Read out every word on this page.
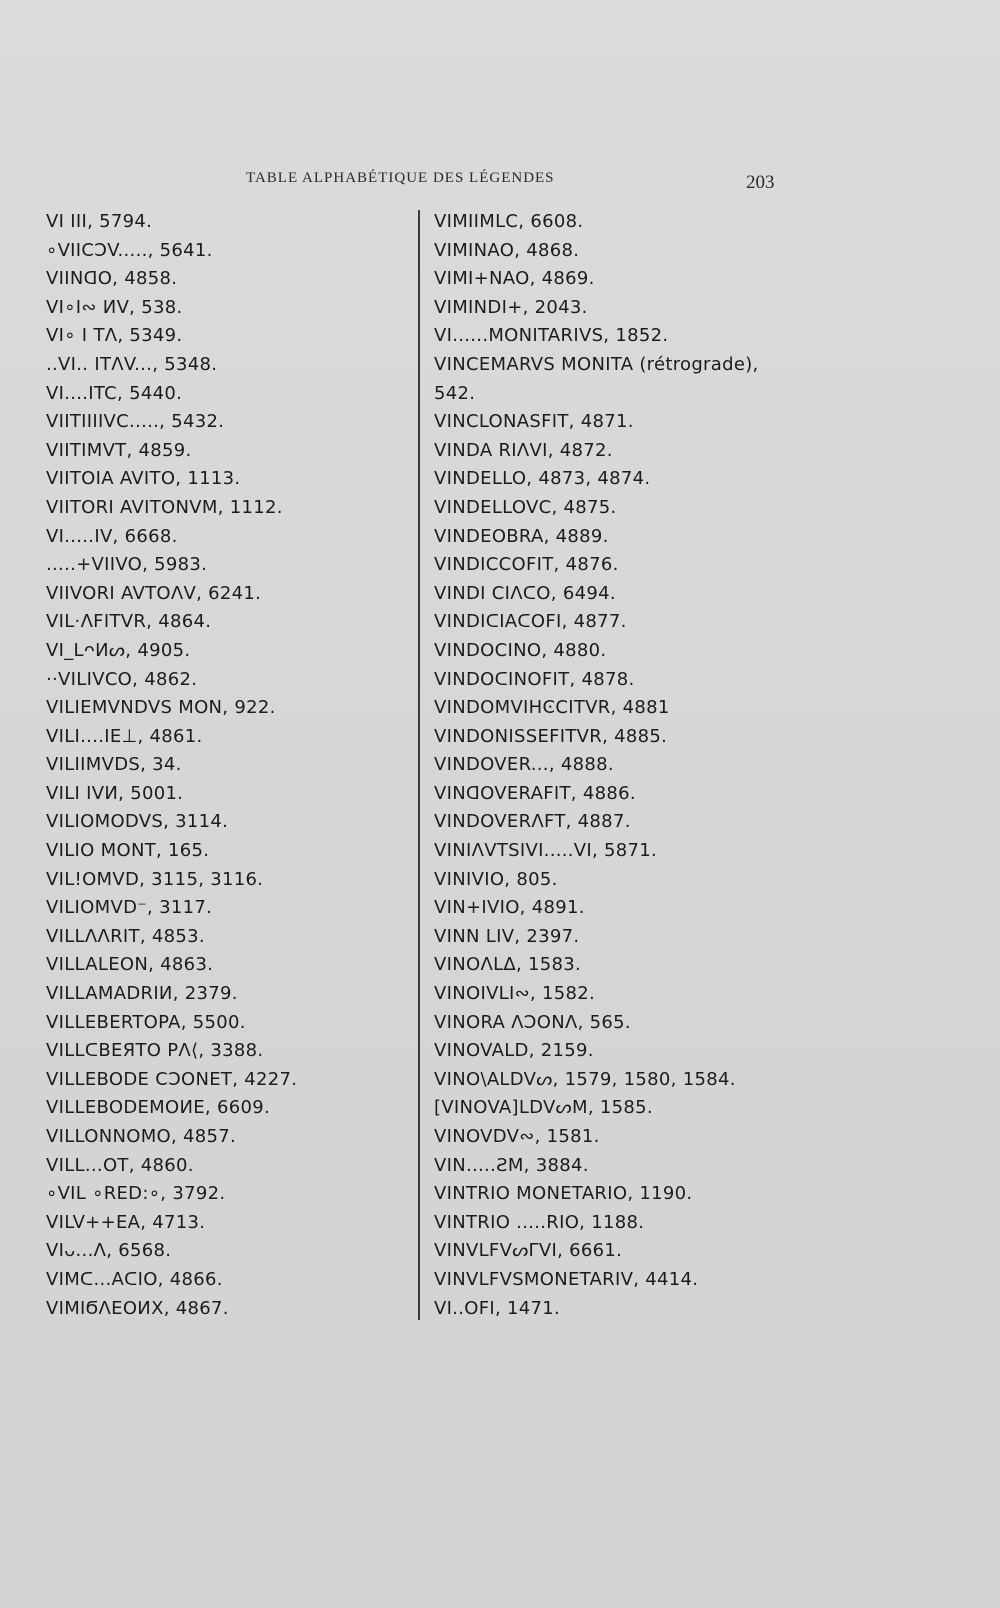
TABLE ALPHABÉTIQUE DES LÉGENDES	203
VI III, 5794.
∘VIIϹϽV....., 5641.
VIINᗡO, 4858.
VI∘I∾ ИV, 538.
VI∘ I TΛ, 5349.
..VI.. ITΛV..., 5348.
VI....ITC, 5440.
VIITIIIIVC....., 5432.
VIITIMVT, 4859.
VIITOIA AVITO, 1113.
VIITORI AVITONVM, 1112.
VI.....IV, 6668.
.....+VIIVO, 5983.
VIIVORI AVTOΛV, 6241.
VIL·ΛFITVR, 4864.
VI_LᴖИᔕ, 4905.
··VILIVCO, 4862.
VILIEMVNDVS MON, 922.
VILI....IE⊥, 4861.
VILIIMVDS, 34.
VILI IVИ, 5001.
VILIOMODVS, 3114.
VILIO MONT, 165.
VIL!OMVD, 3115, 3116.
VILIOMVD⁻, 3117.
VILLΛΛRIT, 4853.
VILLALEON, 4863.
VILLAMADRIИ, 2379.
VILLEBERTOPA, 5500.
VILLᑕBEЯTO PΛ⟨, 3388.
VILLEBODE ϹϽONET, 4227.
VILLEBODEMOИE, 6609.
VILLONNOMO, 4857.
VILL...OT, 4860.
∘VIL ∘RED꞉∘, 3792.
VILV++EA, 4713.
VIᴗ...Λ, 6568.
VIMᑕ...AᑕIO, 4866.
VIMIϬΛEOИX, 4867.
VIMIIMLC, 6608.
VIMINAO, 4868.
VIMI+NAO, 4869.
VIMINDI+, 2043.
VI......MONITARIVS, 1852.
VINCEMARVS MONITA (rétrograde),
542.
VINCLONASFIT, 4871.
VINDA RIΛVI, 4872.
VINDELLO, 4873, 4874.
VINDELLOVC, 4875.
VINDEOBRA, 4889.
VINDICCOFIT, 4876.
VINDI CIΛᑕO, 6494.
VINDIᑕIAᑕOFI, 4877.
VINDOCINO, 4880.
VINDOᑕINOFIT, 4878.
VINDOMVIΗϾCITVR, 4881
VINDONISSEFITVR, 4885.
VINDOVER..., 4888.
VINᗡOVERAFIT, 4886.
VINDOVERΛFT, 4887.
VINIΛVTSIVI.....VI, 5871.
VINIVIO, 805.
VIN+IVIO, 4891.
VINN LIV, 2397.
VINOΛLΔ, 1583.
VINOIVLI∾, 1582.
VINORA ΛϽONΛ, 565.
VINOVALD, 2159.
VINO\ALDVᔕ, 1579, 1580, 1584.
[VINOVA]LDVᔕM, 1585.
VINOVDV∾, 1581.
VIN.....ƧM, 3884.
VINTRIO MONETARIO, 1190.
VINTRIO .....RIO, 1188.
VINVLFVᔕΓVI, 6661.
VINVLFVSMONETARIV, 4414.
VI..OFI, 1471.
